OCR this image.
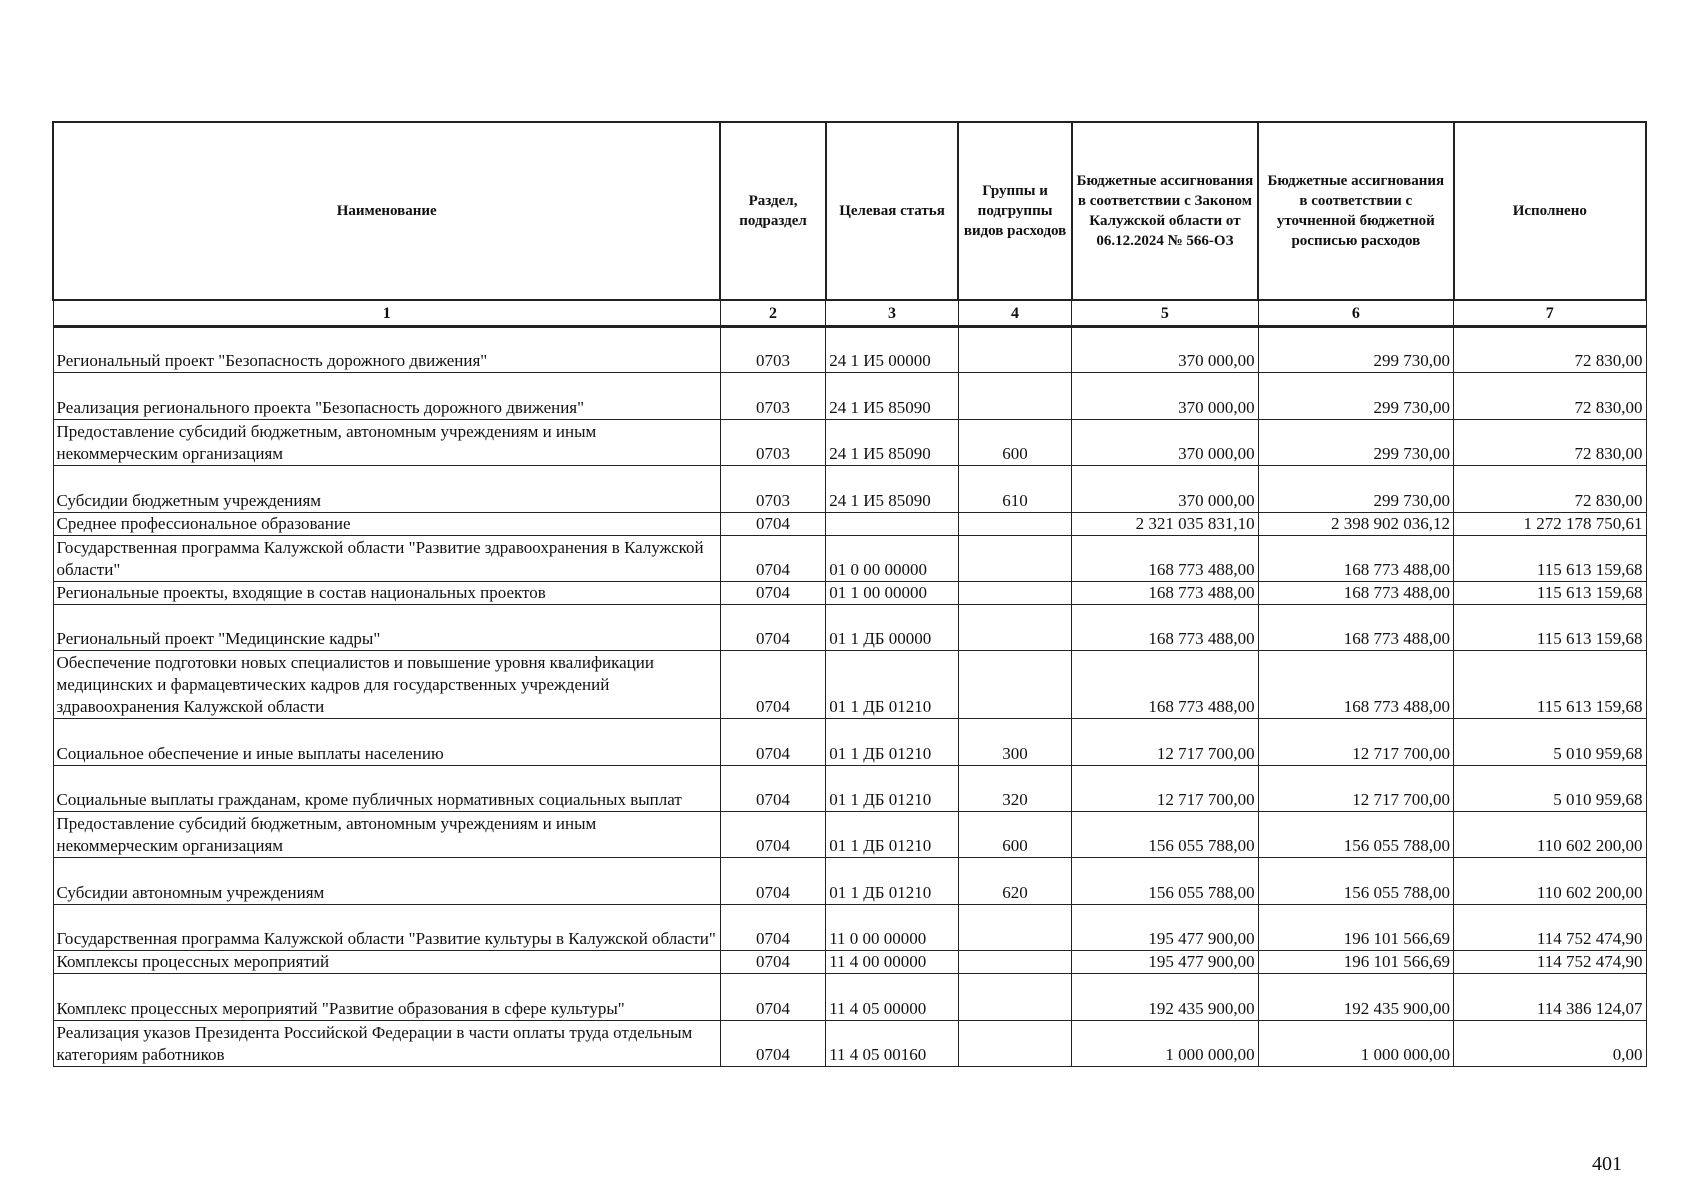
Наименование	Раздел, подраздел	Целевая статья	Группы и подгруппы видов расходов	Бюджетные ассигнования в соответствии с Законом Калужской области от 06.12.2024 № 566-ОЗ	Бюджетные ассигнования в соответствии с уточненной бюджетной росписью расходов	Исполнено
1	2	3	4	5	6	7
Региональный проект "Безопасность дорожного движения"	0703	24 1 И5 00000		370 000,00	299 730,00	72 830,00
Реализация регионального проекта "Безопасность дорожного движения"	0703	24 1 И5 85090		370 000,00	299 730,00	72 830,00
Предоставление субсидий бюджетным, автономным учреждениям и иным некоммерческим организациям	0703	24 1 И5 85090	600	370 000,00	299 730,00	72 830,00
Субсидии бюджетным учреждениям	0703	24 1 И5 85090	610	370 000,00	299 730,00	72 830,00
Среднее профессиональное образование	0704			2 321 035 831,10	2 398 902 036,12	1 272 178 750,61
Государственная программа Калужской области "Развитие здравоохранения в Калужской области"	0704	01 0 00 00000		168 773 488,00	168 773 488,00	115 613 159,68
Региональные проекты, входящие в состав национальных проектов	0704	01 1 00 00000		168 773 488,00	168 773 488,00	115 613 159,68
Региональный проект "Медицинские кадры"	0704	01 1 ДБ 00000		168 773 488,00	168 773 488,00	115 613 159,68
Обеспечение подготовки новых специалистов и повышение уровня квалификации медицинских и фармацевтических кадров для государственных учреждений здравоохранения Калужской области	0704	01 1 ДБ 01210		168 773 488,00	168 773 488,00	115 613 159,68
Социальное обеспечение и иные выплаты населению	0704	01 1 ДБ 01210	300	12 717 700,00	12 717 700,00	5 010 959,68
Социальные выплаты гражданам, кроме публичных нормативных социальных выплат	0704	01 1 ДБ 01210	320	12 717 700,00	12 717 700,00	5 010 959,68
Предоставление субсидий бюджетным, автономным учреждениям и иным некоммерческим организациям	0704	01 1 ДБ 01210	600	156 055 788,00	156 055 788,00	110 602 200,00
Субсидии автономным учреждениям	0704	01 1 ДБ 01210	620	156 055 788,00	156 055 788,00	110 602 200,00
Государственная программа Калужской области "Развитие культуры в Калужской области"	0704	11 0 00 00000		195 477 900,00	196 101 566,69	114 752 474,90
Комплексы процессных мероприятий	0704	11 4 00 00000		195 477 900,00	196 101 566,69	114 752 474,90
Комплекс процессных мероприятий "Развитие образования в сфере культуры"	0704	11 4 05 00000		192 435 900,00	192 435 900,00	114 386 124,07
Реализация указов Президента Российской Федерации в части оплаты труда отдельным категориям работников	0704	11 4 05 00160		1 000 000,00	1 000 000,00	0,00
401
